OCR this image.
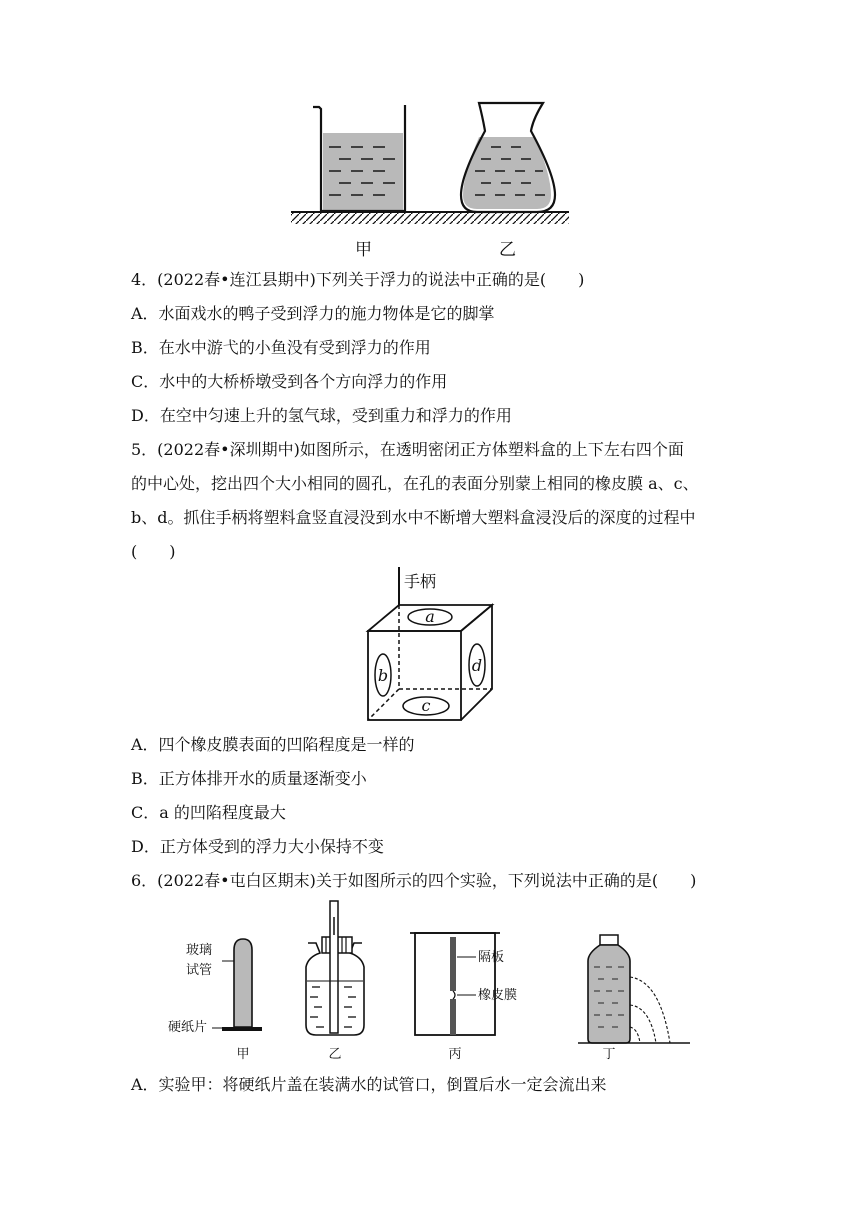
甲	乙
4．(2022春•连江县期中)下列关于浮力的说法中正确的是(　　)
A．水面戏水的鸭子受到浮力的施力物体是它的脚掌
B．在水中游弋的小鱼没有受到浮力的作用
C．水中的大桥桥墩受到各个方向浮力的作用
D．在空中匀速上升的氢气球，受到重力和浮力的作用
5．(2022春•深圳期中)如图所示，在透明密闭正方体塑料盒的上下左右四个面
的中心处，挖出四个大小相同的圆孔，在孔的表面分别蒙上相同的橡皮膜 a、c、
b、d。抓住手柄将塑料盒竖直浸没到水中不断增大塑料盒浸没后的深度的过程中
(　　)
手柄
a
c
b
d
A．四个橡皮膜表面的凹陷程度是一样的
B．正方体排开水的质量逐渐变小
C．a 的凹陷程度最大
D．正方体受到的浮力大小保持不变
6．(2022春•屯白区期末)关于如图所示的四个实验，下列说法中正确的是(　　)
玻璃
试管
硬纸片
隔板
橡皮膜
甲	乙	丙	丁
A．实验甲：将硬纸片盖在装满水的试管口，倒置后水一定会流出来
